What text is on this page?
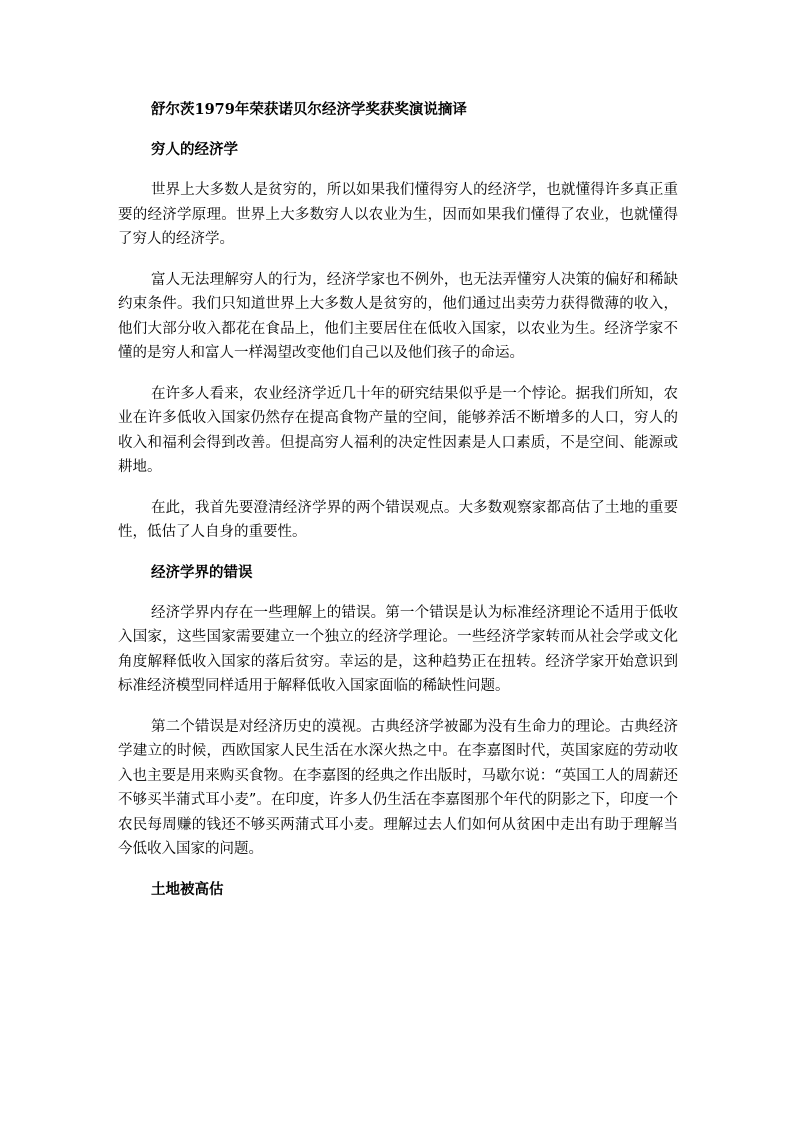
舒尔茨1979年荣获诺贝尔经济学奖获奖演说摘译

穷人的经济学

世界上大多数人是贫穷的，所以如果我们懂得穷人的经济学，也就懂得许多真正重要的经济学原理。世界上大多数穷人以农业为生，因而如果我们懂得了农业，也就懂得了穷人的经济学。

富人无法理解穷人的行为，经济学家也不例外，也无法弄懂穷人决策的偏好和稀缺约束条件。我们只知道世界上大多数人是贫穷的，他们通过出卖劳力获得微薄的收入，他们大部分收入都花在食品上，他们主要居住在低收入国家，以农业为生。经济学家不懂的是穷人和富人一样渴望改变他们自己以及他们孩子的命运。

在许多人看来，农业经济学近几十年的研究结果似乎是一个悖论。据我们所知，农业在许多低收入国家仍然存在提高食物产量的空间，能够养活不断增多的人口，穷人的收入和福利会得到改善。但提高穷人福利的决定性因素是人口素质，不是空间、能源或耕地。

在此，我首先要澄清经济学界的两个错误观点。大多数观察家都高估了土地的重要性，低估了人自身的重要性。

经济学界的错误

经济学界内存在一些理解上的错误。第一个错误是认为标准经济理论不适用于低收入国家，这些国家需要建立一个独立的经济学理论。一些经济学家转而从社会学或文化角度解释低收入国家的落后贫穷。幸运的是，这种趋势正在扭转。经济学家开始意识到标准经济模型同样适用于解释低收入国家面临的稀缺性问题。

第二个错误是对经济历史的漠视。古典经济学被鄙为没有生命力的理论。古典经济学建立的时候，西欧国家人民生活在水深火热之中。在李嘉图时代，英国家庭的劳动收入也主要是用来购买食物。在李嘉图的经典之作出版时，马歇尔说：“英国工人的周薪还不够买半蒲式耳小麦”。在印度，许多人仍生活在李嘉图那个年代的阴影之下，印度一个农民每周赚的钱还不够买两蒲式耳小麦。理解过去人们如何从贫困中走出有助于理解当今低收入国家的问题。

土地被高估
